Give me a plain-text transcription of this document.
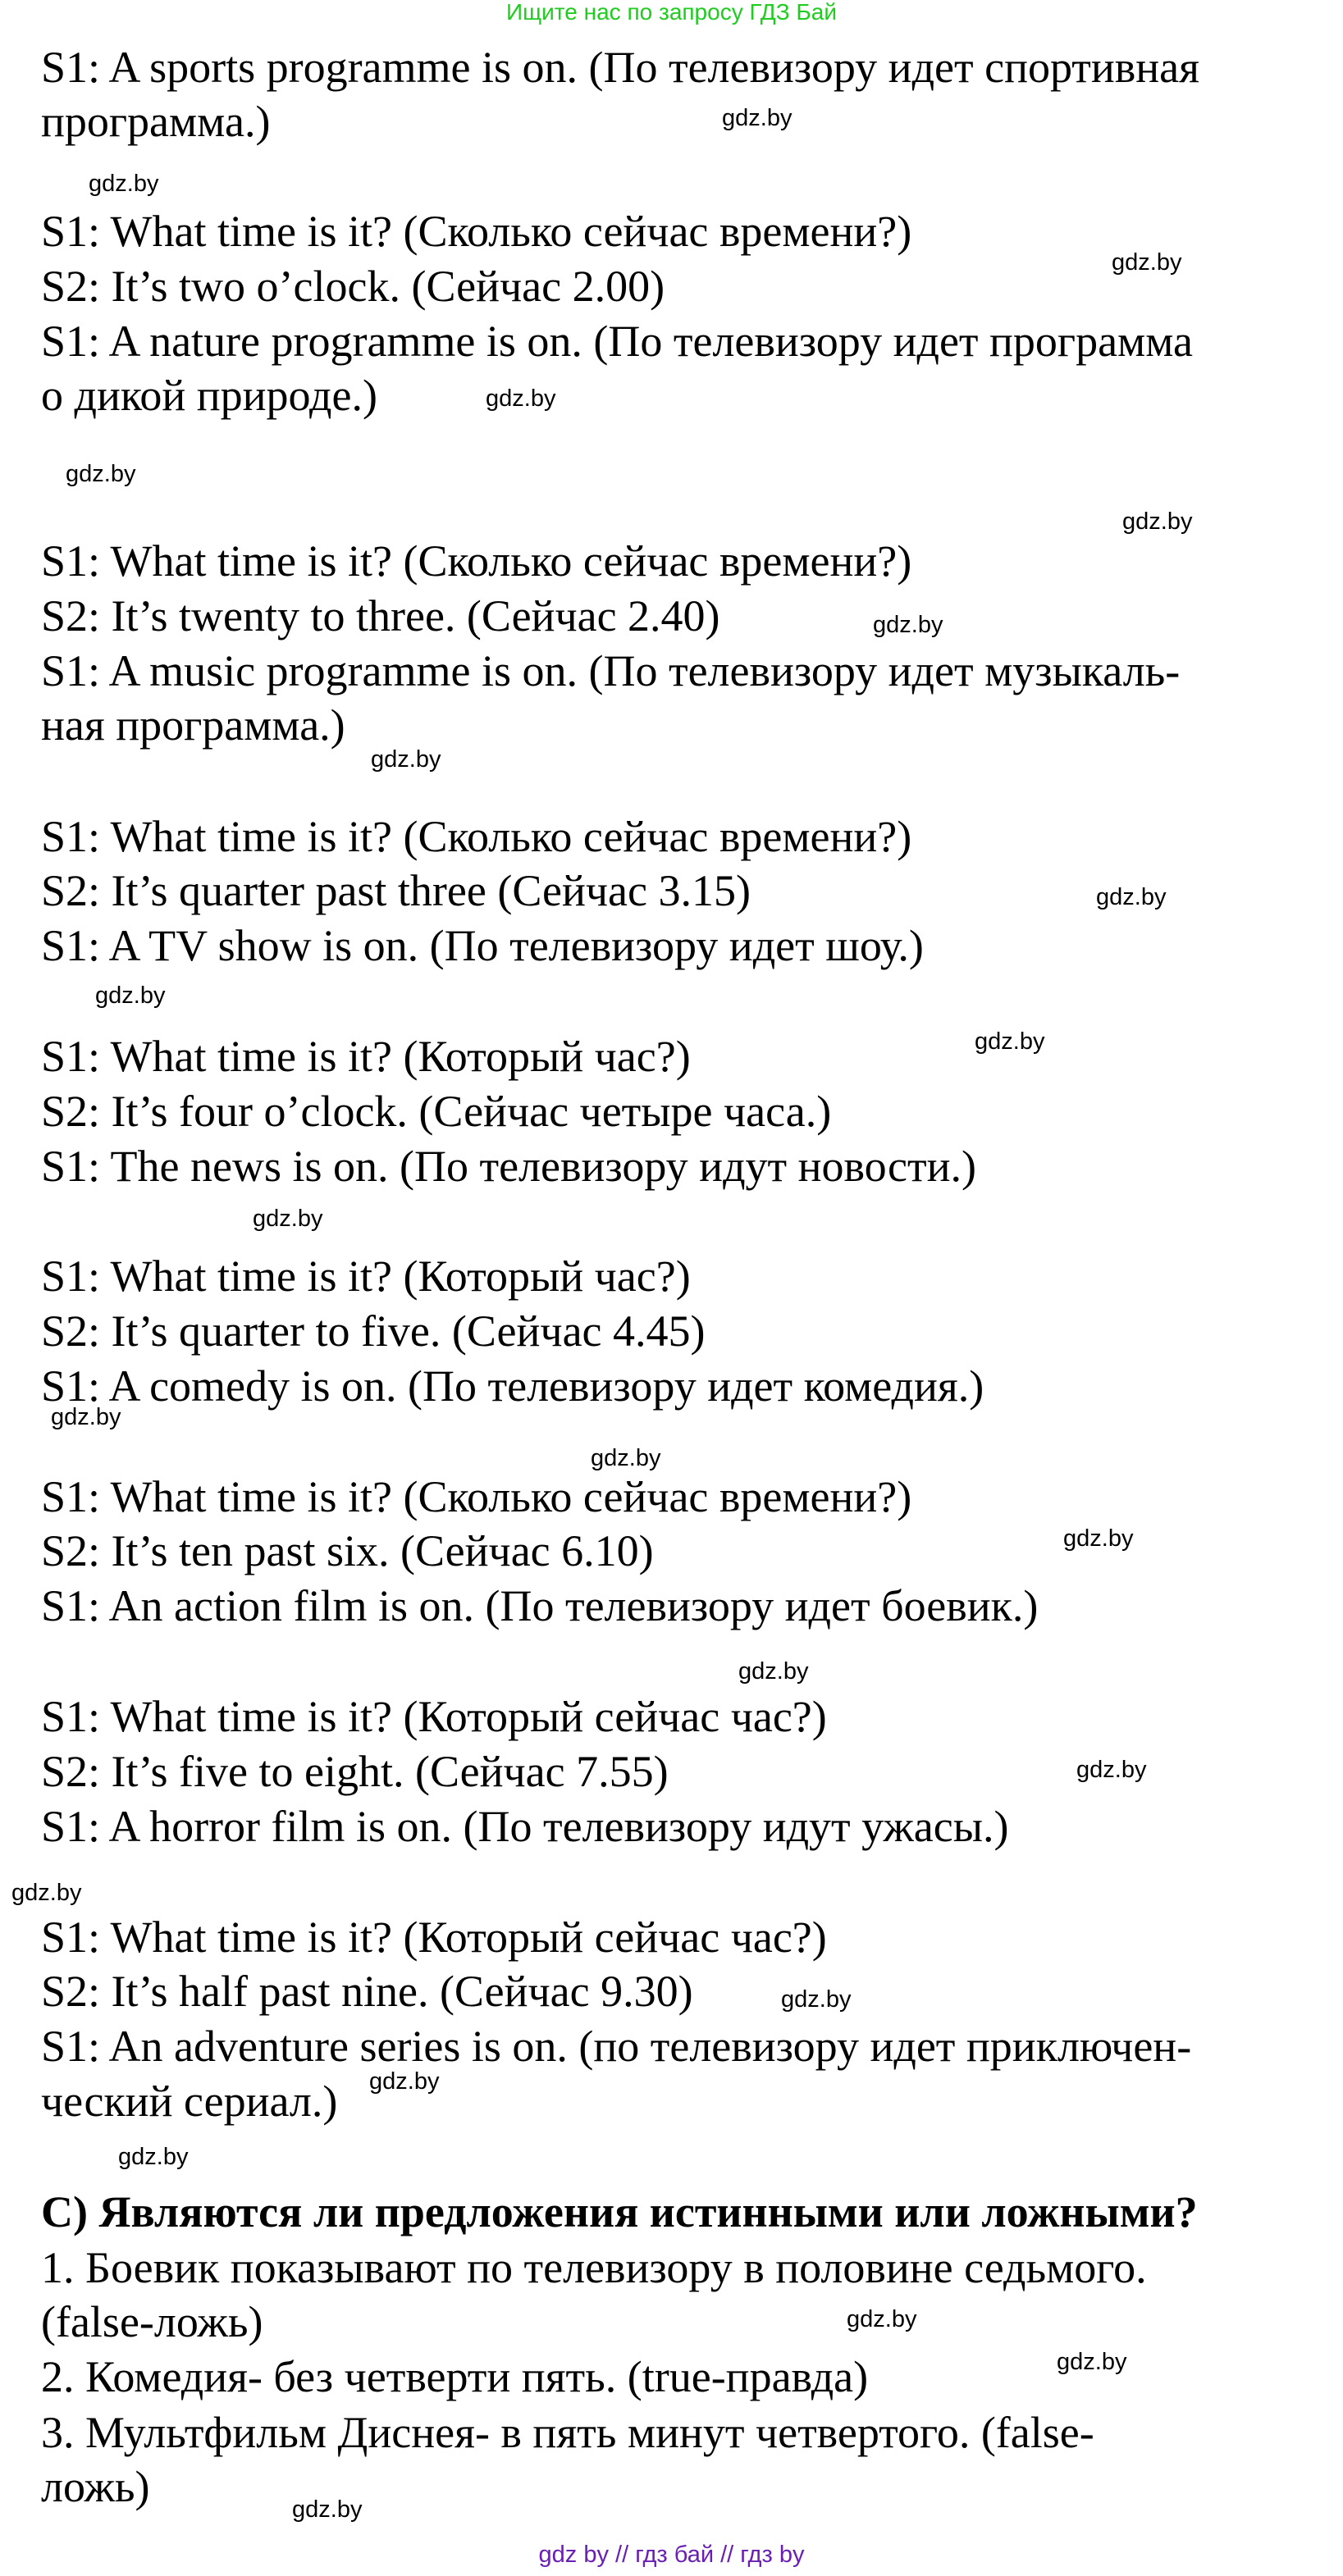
Ищите нас по запросу ГДЗ Бай
S1: A sports programme is on. (По телевизору идет спортивная
программа.)
S1: What time is it? (Сколько сейчас времени?)
S2: It’s two o’clock. (Сейчас 2.00)
S1: A nature programme is on. (По телевизору идет программа
о дикой природе.)
S1: What time is it? (Сколько сейчас времени?)
S2: It’s twenty to three. (Сейчас 2.40)
S1: A music programme is on. (По телевизору идет музыкаль-
ная программа.)
S1: What time is it? (Сколько сейчас времени?)
S2: It’s quarter past three (Сейчас 3.15)
S1: A TV show is on. (По телевизору идет шоу.)
S1: What time is it? (Который час?)
S2: It’s four o’clock. (Сейчас четыре часа.)
S1: The news is on. (По телевизору идут новости.)
S1: What time is it? (Который час?)
S2: It’s quarter to five. (Сейчас 4.45)
S1: A comedy is on. (По телевизору идет комедия.)
S1: What time is it? (Сколько сейчас времени?)
S2: It’s ten past six. (Сейчас 6.10)
S1: An action film is on. (По телевизору идет боевик.)
S1: What time is it? (Который сейчас час?)
S2: It’s five to eight. (Сейчас 7.55)
S1: A horror film is on. (По телевизору идут ужасы.)
S1: What time is it? (Который сейчас час?)
S2: It’s half past nine. (Сейчас 9.30)
S1: An adventure series is on. (по телевизору идет приключен-
ческий сериал.)
C) Являются ли предложения истинными или ложными?
1. Боевик показывают по телевизору в половине седьмого.
(false-ложь)
2. Комедия- без четверти пять. (true-правда)
3. Мультфильм Диснея- в пять минут четвертого. (false-
ложь)
gdz.by
gdz.by
gdz.by
gdz.by
gdz.by
gdz.by
gdz.by
gdz.by
gdz.by
gdz.by
gdz.by
gdz.by
gdz.by
gdz.by
gdz.by
gdz.by
gdz.by
gdz.by
gdz.by
gdz.by
gdz.by
gdz.by
gdz.by
gdz.by
gdz by // гдз бай // гдз by
